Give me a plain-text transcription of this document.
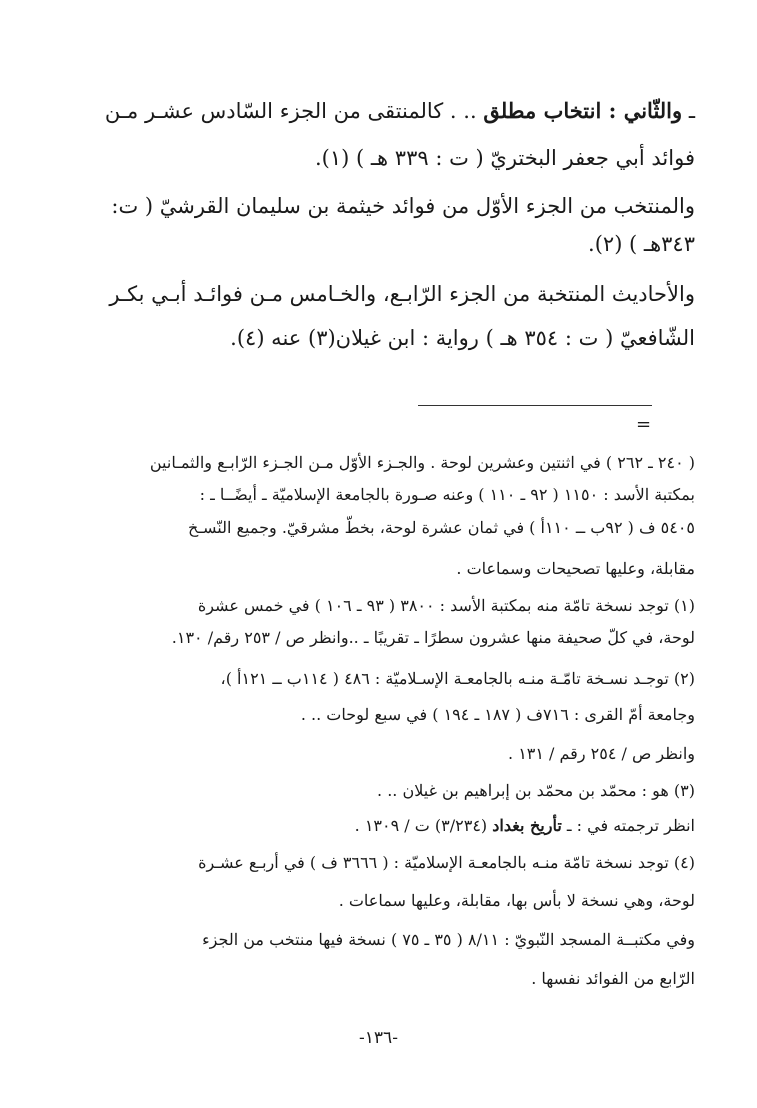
ـ والثّاني : انتخاب مطلق .. . كالمنتقى من الجزء السّادس عشـر مـن
فوائد أبي جعفر البختريّ ( ت : ٣٣٩ هـ ) (١).
والمنتخب من الجزء الأوّل من فوائد خيثمة بن سليمان القرشيّ ( ت:
٣٤٣هـ ) (٢).
والأحاديث المنتخبة من الجزء الرّابـع، والخـامس مـن فوائـد أبـي بكـر
الشّافعيّ ( ت : ٣٥٤ هـ ) رواية : ابن غيلان(٣) عنه (٤).
=
( ٢٤٠ ـ ٢٦٢ ) في اثنتين وعشرين لوحة . والجـزء الأوّل مـن الجـزء الرّابـع والثمـانين
بمكتبة الأسد : ١١٥٠ ( ٩٢ ـ ١١٠ ) وعنه صـورة بالجامعة الإسلاميّة ـ أيضًــا ـ :
٥٤٠٥ ف ( ٩٢ب ــ ١١٠أ ) في ثمان عشرة لوحة، بخطّ مشرقيّ. وجميع النّسـخ
مقابلة، وعليها تصحيحات وسماعات .
(١) توجد نسخة تامّة منه بمكتبة الأسد : ٣٨٠٠ ( ٩٣ ـ ١٠٦ ) في خمس عشرة
لوحة، في كلّ صحيفة منها عشرون سطرًا ـ تقريبًا ـ ..وانظر ص / ٢٥٣ رقم/ ١٣٠.
(٢) توجـد نسـخة تامّـة منـه بالجامعـة الإسـلاميّة : ٤٨٦ ( ١١٤ب ــ ١٢١أ )،
وجامعة أمّ القرى : ٧١٦ف ( ١٨٧ ـ ١٩٤ ) في سبع لوحات .. .
وانظر ص / ٢٥٤ رقم / ١٣١ .
(٣) هو : محمّد بن محمّد بن إبراهيم بن غيلان .. .
انظر ترجمته في : ـ تأريخ بغداد (٣/٢٣٤) ت / ١٣٠٩ .
(٤) توجد نسخة تامّة منـه بالجامعـة الإسلاميّة : ( ٣٦٦٦ ف ) في أربـع عشـرة
لوحة، وهي نسخة لا بأس بها، مقابلة، وعليها سماعات .
وفي مكتبــة المسجد النّبويّ : ٨/١١ ( ٣٥ ـ ٧٥ ) نسخة فيها منتخب من الجزء
الرّابع من الفوائد نفسها .
-١٣٦-
